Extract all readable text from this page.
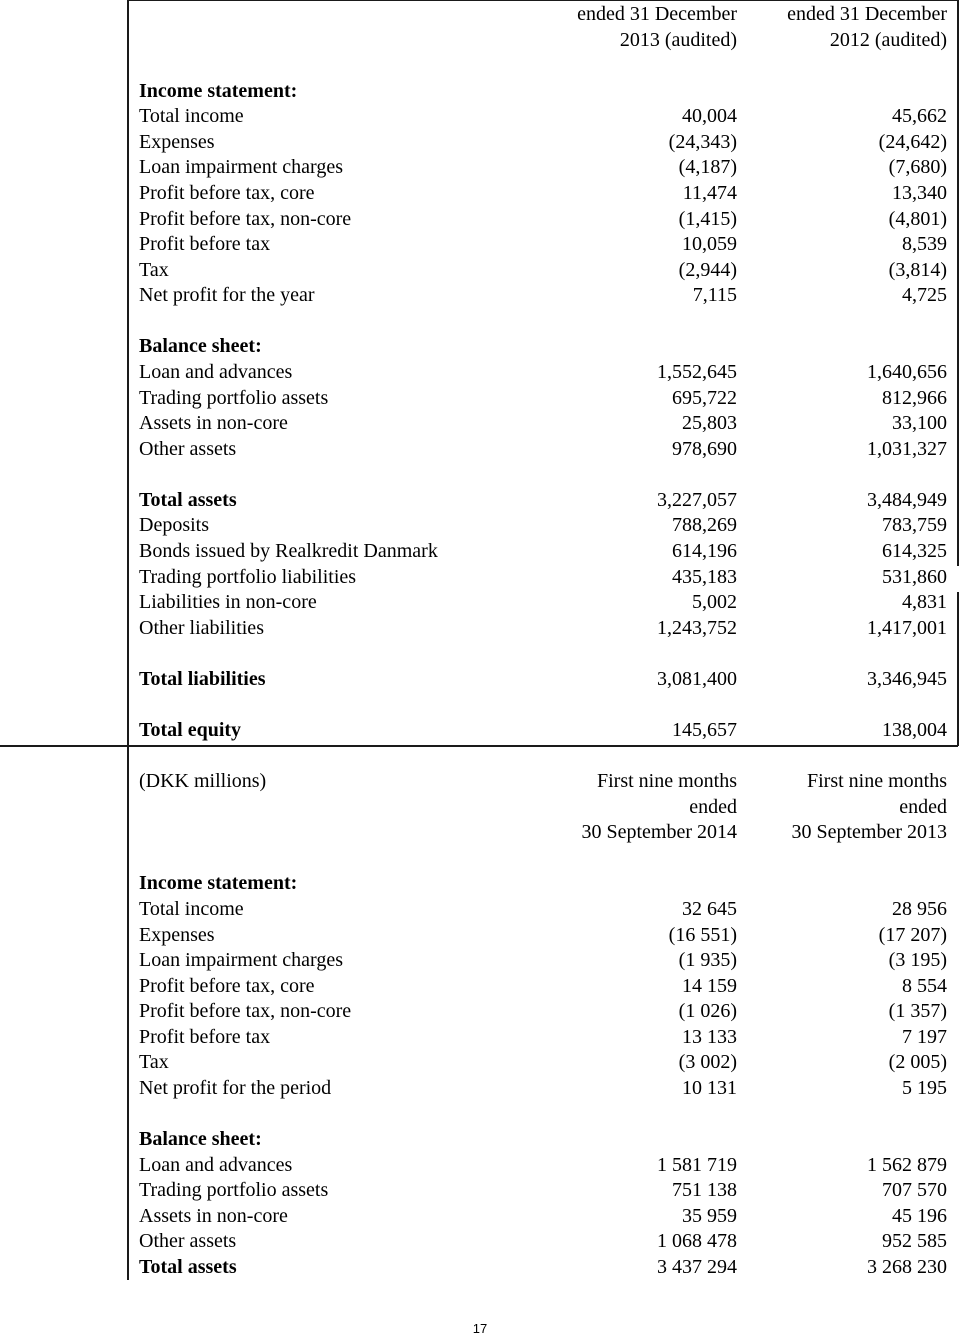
ended 31 December	ended 31 December
2013 (audited)	2012 (audited)
Income statement:
Total income	40,004	45,662
Expenses	(24,343)	(24,642)
Loan impairment charges	(4,187)	(7,680)
Profit before tax, core	11,474	13,340
Profit before tax, non-core	(1,415)	(4,801)
Profit before tax	10,059	8,539
Tax	(2,944)	(3,814)
Net profit for the year	7,115	4,725
Balance sheet:
Loan and advances	1,552,645	1,640,656
Trading portfolio assets	695,722	812,966
Assets in non-core	25,803	33,100
Other assets	978,690	1,031,327
Total assets	3,227,057	3,484,949
Deposits	788,269	783,759
Bonds issued by Realkredit Danmark	614,196	614,325
Trading portfolio liabilities	435,183	531,860
Liabilities in non-core	5,002	4,831
Other liabilities	1,243,752	1,417,001
Total liabilities	3,081,400	3,346,945
Total equity	145,657	138,004
(DKK millions)	First nine months	First nine months
ended	ended
30 September 2014	30 September 2013
Income statement:
Total income	32 645	28 956
Expenses	(16 551)	(17 207)
Loan impairment charges	(1 935)	(3 195)
Profit before tax, core	14 159	8 554
Profit before tax, non-core	(1 026)	(1 357)
Profit before tax	13 133	7 197
Tax	(3 002)	(2 005)
Net profit for the period	10 131	5 195
Balance sheet:
Loan and advances	1 581 719	1 562 879
Trading portfolio assets	751 138	707 570
Assets in non-core	35 959	45 196
Other assets	1 068 478	952 585
Total assets	3 437 294	3 268 230
17
